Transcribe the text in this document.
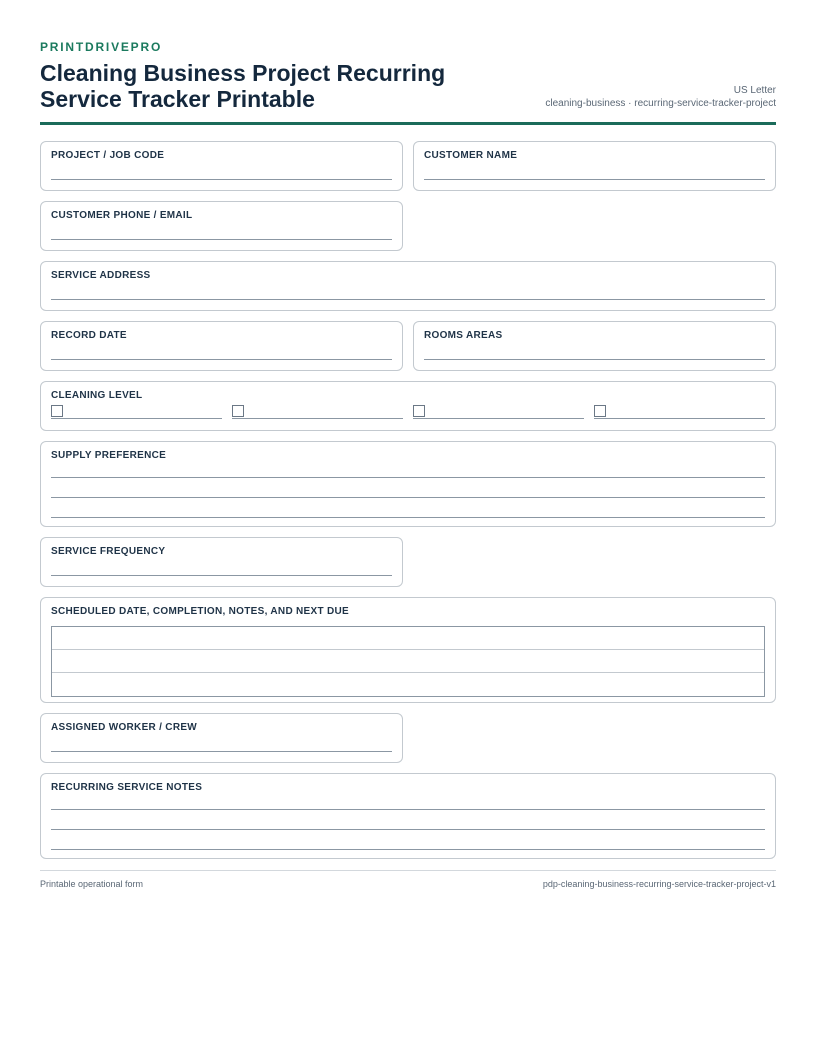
PRINTDRIVEPRO
Cleaning Business Project Recurring Service Tracker Printable	US Letter
cleaning-business · recurring-service-tracker-project
PROJECT / JOB CODE	CUSTOMER NAME
CUSTOMER PHONE / EMAIL
SERVICE ADDRESS
RECORD DATE	ROOMS AREAS
CLEANING LEVEL
SUPPLY PREFERENCE
SERVICE FREQUENCY
SCHEDULED DATE, COMPLETION, NOTES, AND NEXT DUE
ASSIGNED WORKER / CREW
RECURRING SERVICE NOTES
Printable operational form	pdp-cleaning-business-recurring-service-tracker-project-v1
